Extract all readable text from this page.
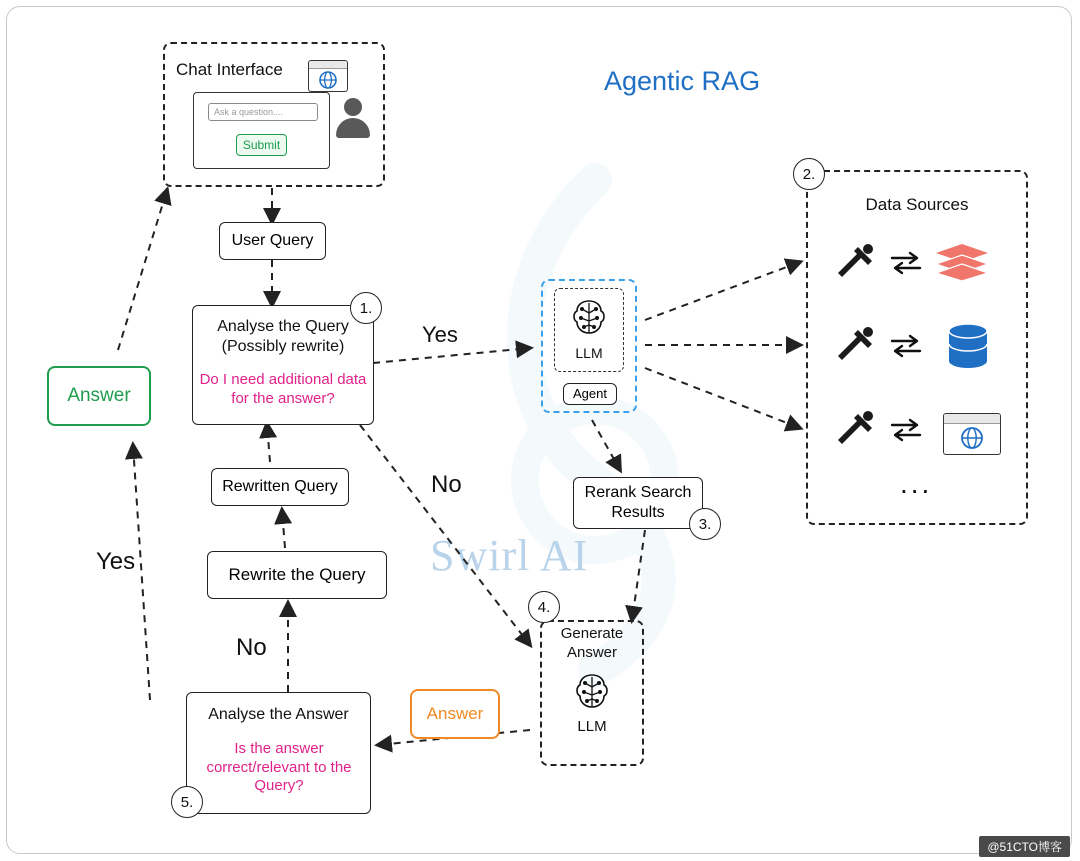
Swirl AI
Agentic RAG
Chat Interface
Ask a question....
Submit
User Query
Analyse the Query
(Possibly rewrite)
Do I need additional data for the answer?
1.
Rewritten Query
Rewrite the Query
Analyse the Answer
Is the answer correct/relevant to the Query?
5.
Answer
Answer
LLM
Agent
Rerank Search Results
3.
Generate
Answer
LLM
4.
Data Sources
2.
...
Yes
No
No
Yes
@51CTO博客
